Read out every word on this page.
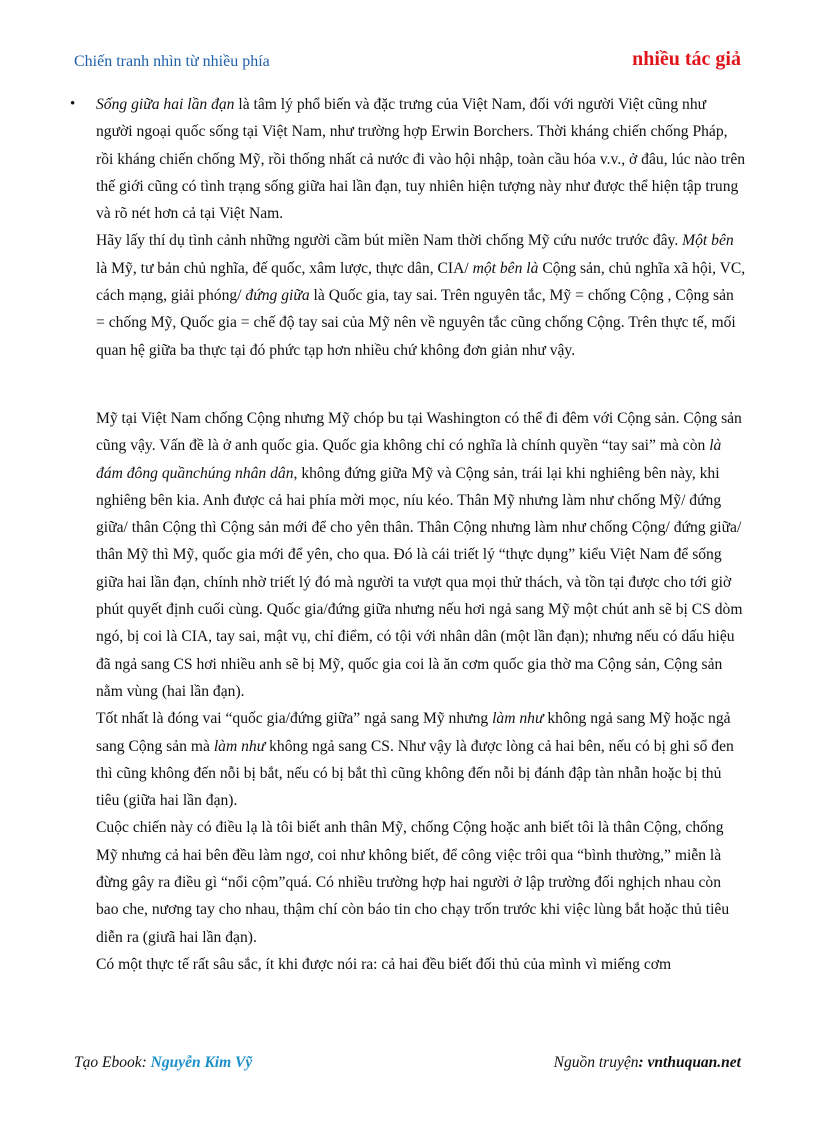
Chiến tranh nhìn từ nhiều phía	nhiều tác giả
• Sống giữa hai lần đạn là tâm lý phổ biến và đặc trưng của Việt Nam, đối với người Việt cũng như người ngoại quốc sống tại Việt Nam, như trường hợp Erwin Borchers. Thời kháng chiến chống Pháp, rồi kháng chiến chống Mỹ, rồi thống nhất cả nước đi vào hội nhập, toàn cầu hóa v.v., ở đâu, lúc nào trên thế giới cũng có tình trạng sống giữa hai lần đạn, tuy nhiên hiện tượng này như được thể hiện tập trung và rõ nét hơn cả tại Việt Nam.

Hãy lấy thí dụ tình cảnh những người cầm bút miền Nam thời chống Mỹ cứu nước trước đây. Một bên là Mỹ, tư bản chủ nghĩa, đế quốc, xâm lược, thực dân, CIA/ một bên là Cộng sản, chủ nghĩa xã hội, VC, cách mạng, giải phóng/ đứng giữa là Quốc gia, tay sai. Trên nguyên tắc, Mỹ = chống Cộng , Cộng sản = chống Mỹ, Quốc gia = chế độ tay sai của Mỹ nên về nguyên tắc cũng chống Cộng. Trên thực tế, mối quan hệ giữa ba thực tại đó phức tạp hơn nhiều chứ không đơn giản như vậy.

Mỹ tại Việt Nam chống Cộng nhưng Mỹ chóp bu tại Washington có thể đi đêm với Cộng sản. Cộng sản cũng vậy. Vấn đề là ở anh quốc gia. Quốc gia không chỉ có nghĩa là chính quyền “tay sai” mà còn là đám đông quầnchúng nhân dân, không đứng giữa Mỹ và Cộng sản, trái lại khi nghiêng bên này, khi nghiêng bên kia. Anh được cả hai phía mời mọc, níu kéo. Thân Mỹ nhưng làm như chống Mỹ/ đứng giữa/ thân Cộng thì Cộng sản mới để cho yên thân. Thân Cộng nhưng làm như chống Cộng/ đứng giữa/ thân Mỹ thì Mỹ, quốc gia mới để yên, cho qua. Đó là cái triết lý “thực dụng” kiểu Việt Nam để sống giữa hai lần đạn, chính nhờ triết lý đó mà người ta vượt qua mọi thử thách, và tồn tại được cho tới giờ phút quyết định cuối cùng. Quốc gia/đứng giữa nhưng nếu hơi ngả sang Mỹ một chút anh sẽ bị CS dòm ngó, bị coi là CIA, tay sai, mật vụ, chỉ điểm, có tội với nhân dân (một lần đạn); nhưng nếu có dấu hiệu đã ngả sang CS hơi nhiều anh sẽ bị Mỹ, quốc gia coi là ăn cơm quốc gia thờ ma Cộng sản, Cộng sản nằm vùng (hai lần đạn).

Tốt nhất là đóng vai “quốc gia/đứng giữa” ngả sang Mỹ nhưng làm như không ngả sang Mỹ hoặc ngả sang Cộng sản mà làm như không ngả sang CS. Như vậy là được lòng cả hai bên, nếu có bị ghi sổ đen thì cũng không đến nỗi bị bắt, nếu có bị bắt thì cũng không đến nỗi bị đánh đập tàn nhẫn hoặc bị thủ tiêu (giữa hai lần đạn).

Cuộc chiến này có điều lạ là tôi biết anh thân Mỹ, chống Cộng hoặc anh biết tôi là thân Cộng, chống Mỹ nhưng cả hai bên đều làm ngơ, coi như không biết, để công việc trôi qua “bình thường,” miễn là đừng gây ra điều gì “nổi cộm”quá. Có nhiều trường hợp hai người ở lập trường đối nghịch nhau còn bao che, nương tay cho nhau, thậm chí còn báo tin cho chạy trốn trước khi việc lùng bắt hoặc thủ tiêu diễn ra (giưã hai lần đạn).

Có một thực tế rất sâu sắc, ít khi được nói ra: cả hai đều biết đối thủ của mình vì miếng cơm

Tạo Ebook: Nguyễn Kim Vỹ	Nguồn truyện: vnthuquan.net
